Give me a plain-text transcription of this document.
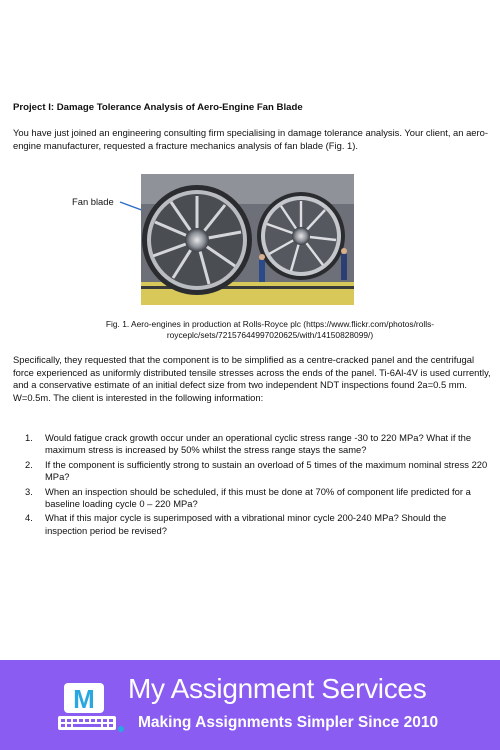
Project I: Damage Tolerance Analysis of Aero-Engine Fan Blade

You have just joined an engineering consulting firm specialising in damage tolerance analysis. Your client, an aero-engine manufacturer, requested a fracture mechanics analysis of fan blade (Fig. 1).

Fan blade

Fig. 1. Aero-engines in production at Rolls-Royce plc (https://www.flickr.com/photos/rolls-royceplc/sets/72157644997020625/with/14150828099/)

Specifically, they requested that the component is to be simplified as a centre-cracked panel and the centrifugal force experienced as uniformly distributed tensile stresses across the ends of the panel. Ti-6Al-4V is used currently, and a conservative estimate of an initial defect size from two independent NDT inspections found 2a=0.5 mm. W=0.5m. The client is interested in the following information:

1. Would fatigue crack growth occur under an operational cyclic stress range -30 to 220 MPa? What if the maximum stress is increased by 50% whilst the stress range stays the same?
2. If the component is sufficiently strong to sustain an overload of 5 times of the maximum nominal stress 220 MPa?
3. When an inspection should be scheduled, if this must be done at 70% of component life predicted for a baseline loading cycle 0 – 220 MPa?
4. What if this major cycle is superimposed with a vibrational minor cycle 200-240 MPa? Should the inspection period be revised?
M My Assignment Services
Making Assignments Simpler Since 2010
